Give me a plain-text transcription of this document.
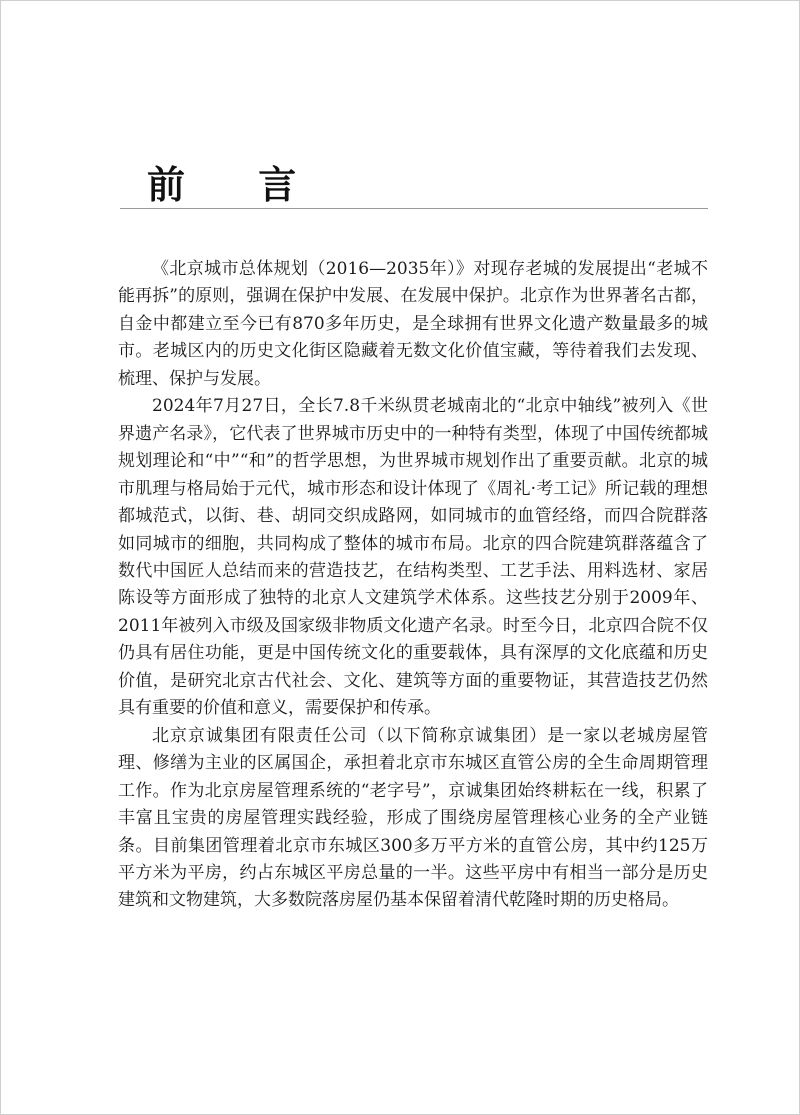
前 言

《北京城市总体规划（2016—2035年）》对现存老城的发展提出“老城不能再拆”的原则，强调在保护中发展、在发展中保护。北京作为世界著名古都，自金中都建立至今已有870多年历史，是全球拥有世界文化遗产数量最多的城市。老城区内的历史文化街区隐藏着无数文化价值宝藏，等待着我们去发现、梳理、保护与发展。

2024年7月27日，全长7.8千米纵贯老城南北的“北京中轴线”被列入《世界遗产名录》，它代表了世界城市历史中的一种特有类型，体现了中国传统都城规划理论和“中”“和”的哲学思想，为世界城市规划作出了重要贡献。北京的城市肌理与格局始于元代，城市形态和设计体现了《周礼·考工记》所记载的理想都城范式，以街、巷、胡同交织成路网，如同城市的血管经络，而四合院群落如同城市的细胞，共同构成了整体的城市布局。北京的四合院建筑群落蕴含了数代中国匠人总结而来的营造技艺，在结构类型、工艺手法、用料选材、家居陈设等方面形成了独特的北京人文建筑学术体系。这些技艺分别于2009年、2011年被列入市级及国家级非物质文化遗产名录。时至今日，北京四合院不仅仍具有居住功能，更是中国传统文化的重要载体，具有深厚的文化底蕴和历史价值，是研究北京古代社会、文化、建筑等方面的重要物证，其营造技艺仍然具有重要的价值和意义，需要保护和传承。

北京京诚集团有限责任公司（以下简称京诚集团）是一家以老城房屋管理、修缮为主业的区属国企，承担着北京市东城区直管公房的全生命周期管理工作。作为北京房屋管理系统的“老字号”，京诚集团始终耕耘在一线，积累了丰富且宝贵的房屋管理实践经验，形成了围绕房屋管理核心业务的全产业链条。目前集团管理着北京市东城区300多万平方米的直管公房，其中约125万平方米为平房，约占东城区平房总量的一半。这些平房中有相当一部分是历史建筑和文物建筑，大多数院落房屋仍基本保留着清代乾隆时期的历史格局。
